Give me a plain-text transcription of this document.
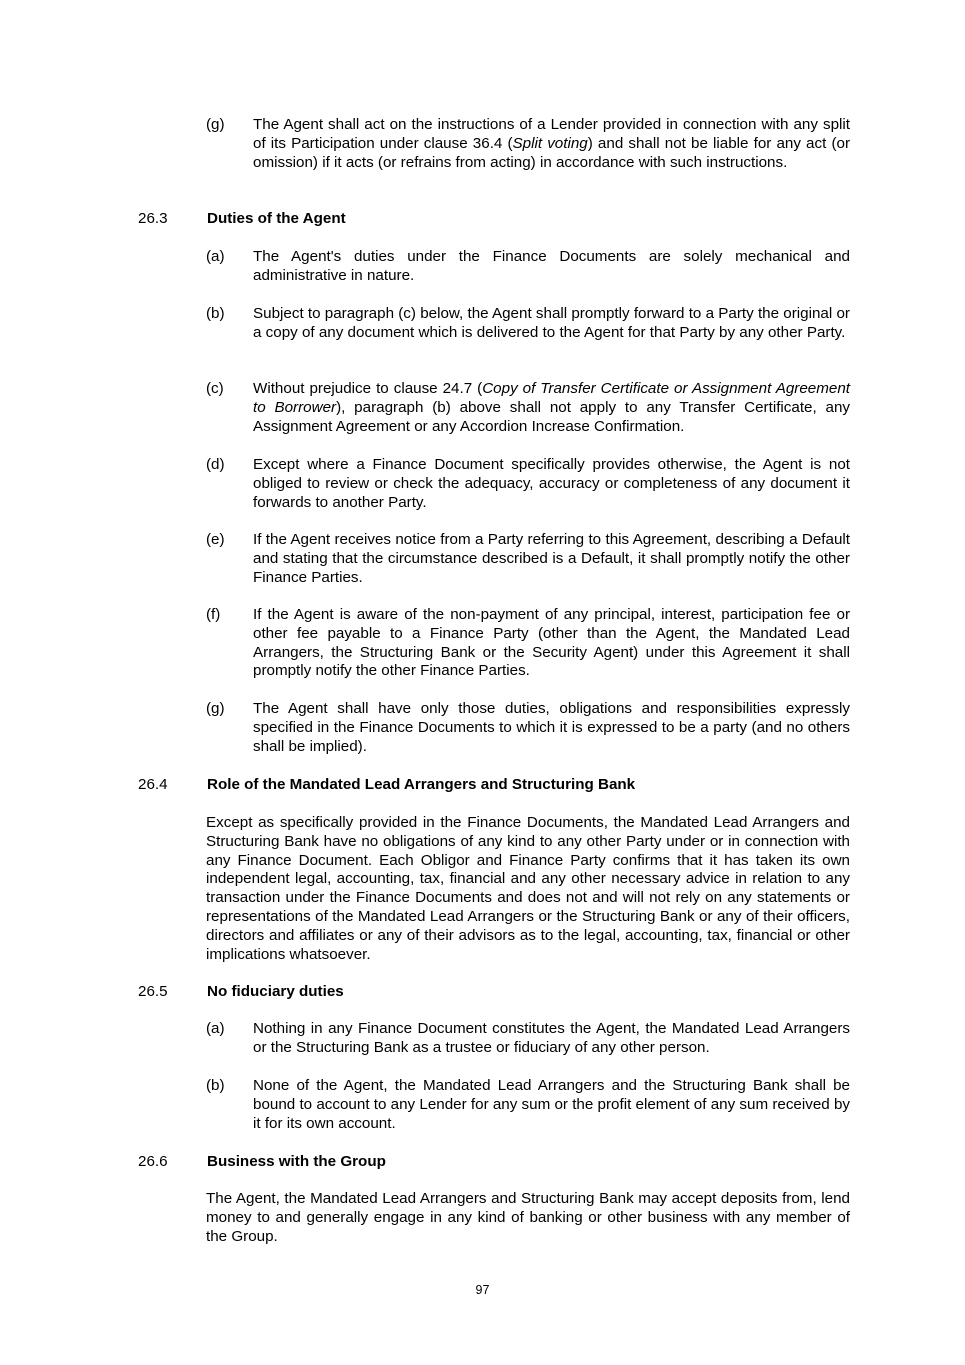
(g) The Agent shall act on the instructions of a Lender provided in connection with any split of its Participation under clause 36.4 (Split voting) and shall not be liable for any act (or omission) if it acts (or refrains from acting) in accordance with such instructions.
26.3	Duties of the Agent
(a) The Agent's duties under the Finance Documents are solely mechanical and administrative in nature.
(b) Subject to paragraph (c) below, the Agent shall promptly forward to a Party the original or a copy of any document which is delivered to the Agent for that Party by any other Party.
(c) Without prejudice to clause 24.7 (Copy of Transfer Certificate or Assignment Agreement to Borrower), paragraph (b) above shall not apply to any Transfer Certificate, any Assignment Agreement or any Accordion Increase Confirmation.
(d) Except where a Finance Document specifically provides otherwise, the Agent is not obliged to review or check the adequacy, accuracy or completeness of any document it forwards to another Party.
(e) If the Agent receives notice from a Party referring to this Agreement, describing a Default and stating that the circumstance described is a Default, it shall promptly notify the other Finance Parties.
(f) If the Agent is aware of the non-payment of any principal, interest, participation fee or other fee payable to a Finance Party (other than the Agent, the Mandated Lead Arrangers, the Structuring Bank or the Security Agent) under this Agreement it shall promptly notify the other Finance Parties.
(g) The Agent shall have only those duties, obligations and responsibilities expressly specified in the Finance Documents to which it is expressed to be a party (and no others shall be implied).
26.4	Role of the Mandated Lead Arrangers and Structuring Bank
Except as specifically provided in the Finance Documents, the Mandated Lead Arrangers and Structuring Bank have no obligations of any kind to any other Party under or in connection with any Finance Document. Each Obligor and Finance Party confirms that it has taken its own independent legal, accounting, tax, financial and any other necessary advice in relation to any transaction under the Finance Documents and does not and will not rely on any statements or representations of the Mandated Lead Arrangers or the Structuring Bank or any of their officers, directors and affiliates or any of their advisors as to the legal, accounting, tax, financial or other implications whatsoever.
26.5	No fiduciary duties
(a) Nothing in any Finance Document constitutes the Agent, the Mandated Lead Arrangers or the Structuring Bank as a trustee or fiduciary of any other person.
(b) None of the Agent, the Mandated Lead Arrangers and the Structuring Bank shall be bound to account to any Lender for any sum or the profit element of any sum received by it for its own account.
26.6	Business with the Group
The Agent, the Mandated Lead Arrangers and Structuring Bank may accept deposits from, lend money to and generally engage in any kind of banking or other business with any member of the Group.
97
